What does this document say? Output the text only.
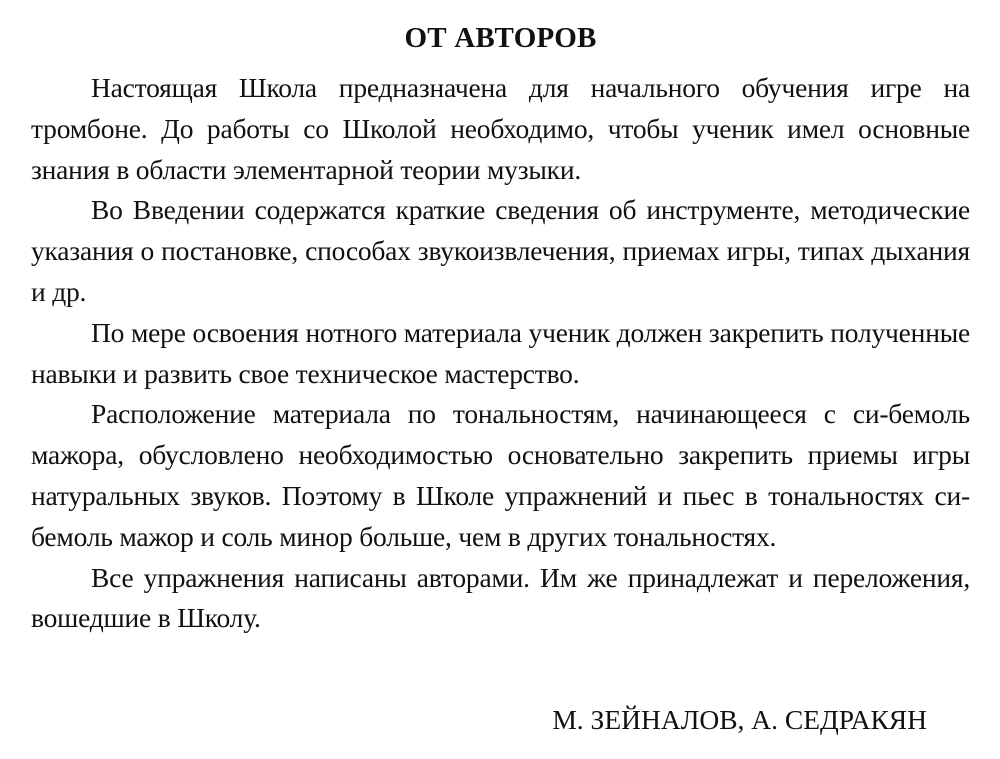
ОТ АВТОРОВ

Настоящая Школа предназначена для начального обучения игре на тромбоне. До работы со Школой необходимо, чтобы ученик имел основные знания в области элементарной теории музыки.

Во Введении содержатся краткие сведения об инструменте, методические указания о постановке, способах звукоизвлечения, приемах игры, типах дыхания и др.

По мере освоения нотного материала ученик должен закрепить полученные навыки и развить свое техническое мастерство.

Расположение материала по тональностям, начинающееся с си-бемоль мажора, обусловлено необходимостью основательно закрепить приемы игры натуральных звуков. Поэтому в Школе упражнений и пьес в тональностях си-бемоль мажор и соль минор больше, чем в других тональностях.

Все упражнения написаны авторами. Им же принадлежат и переложения, вошедшие в Школу.

М. ЗЕЙНАЛОВ, А. СЕДРАКЯН
